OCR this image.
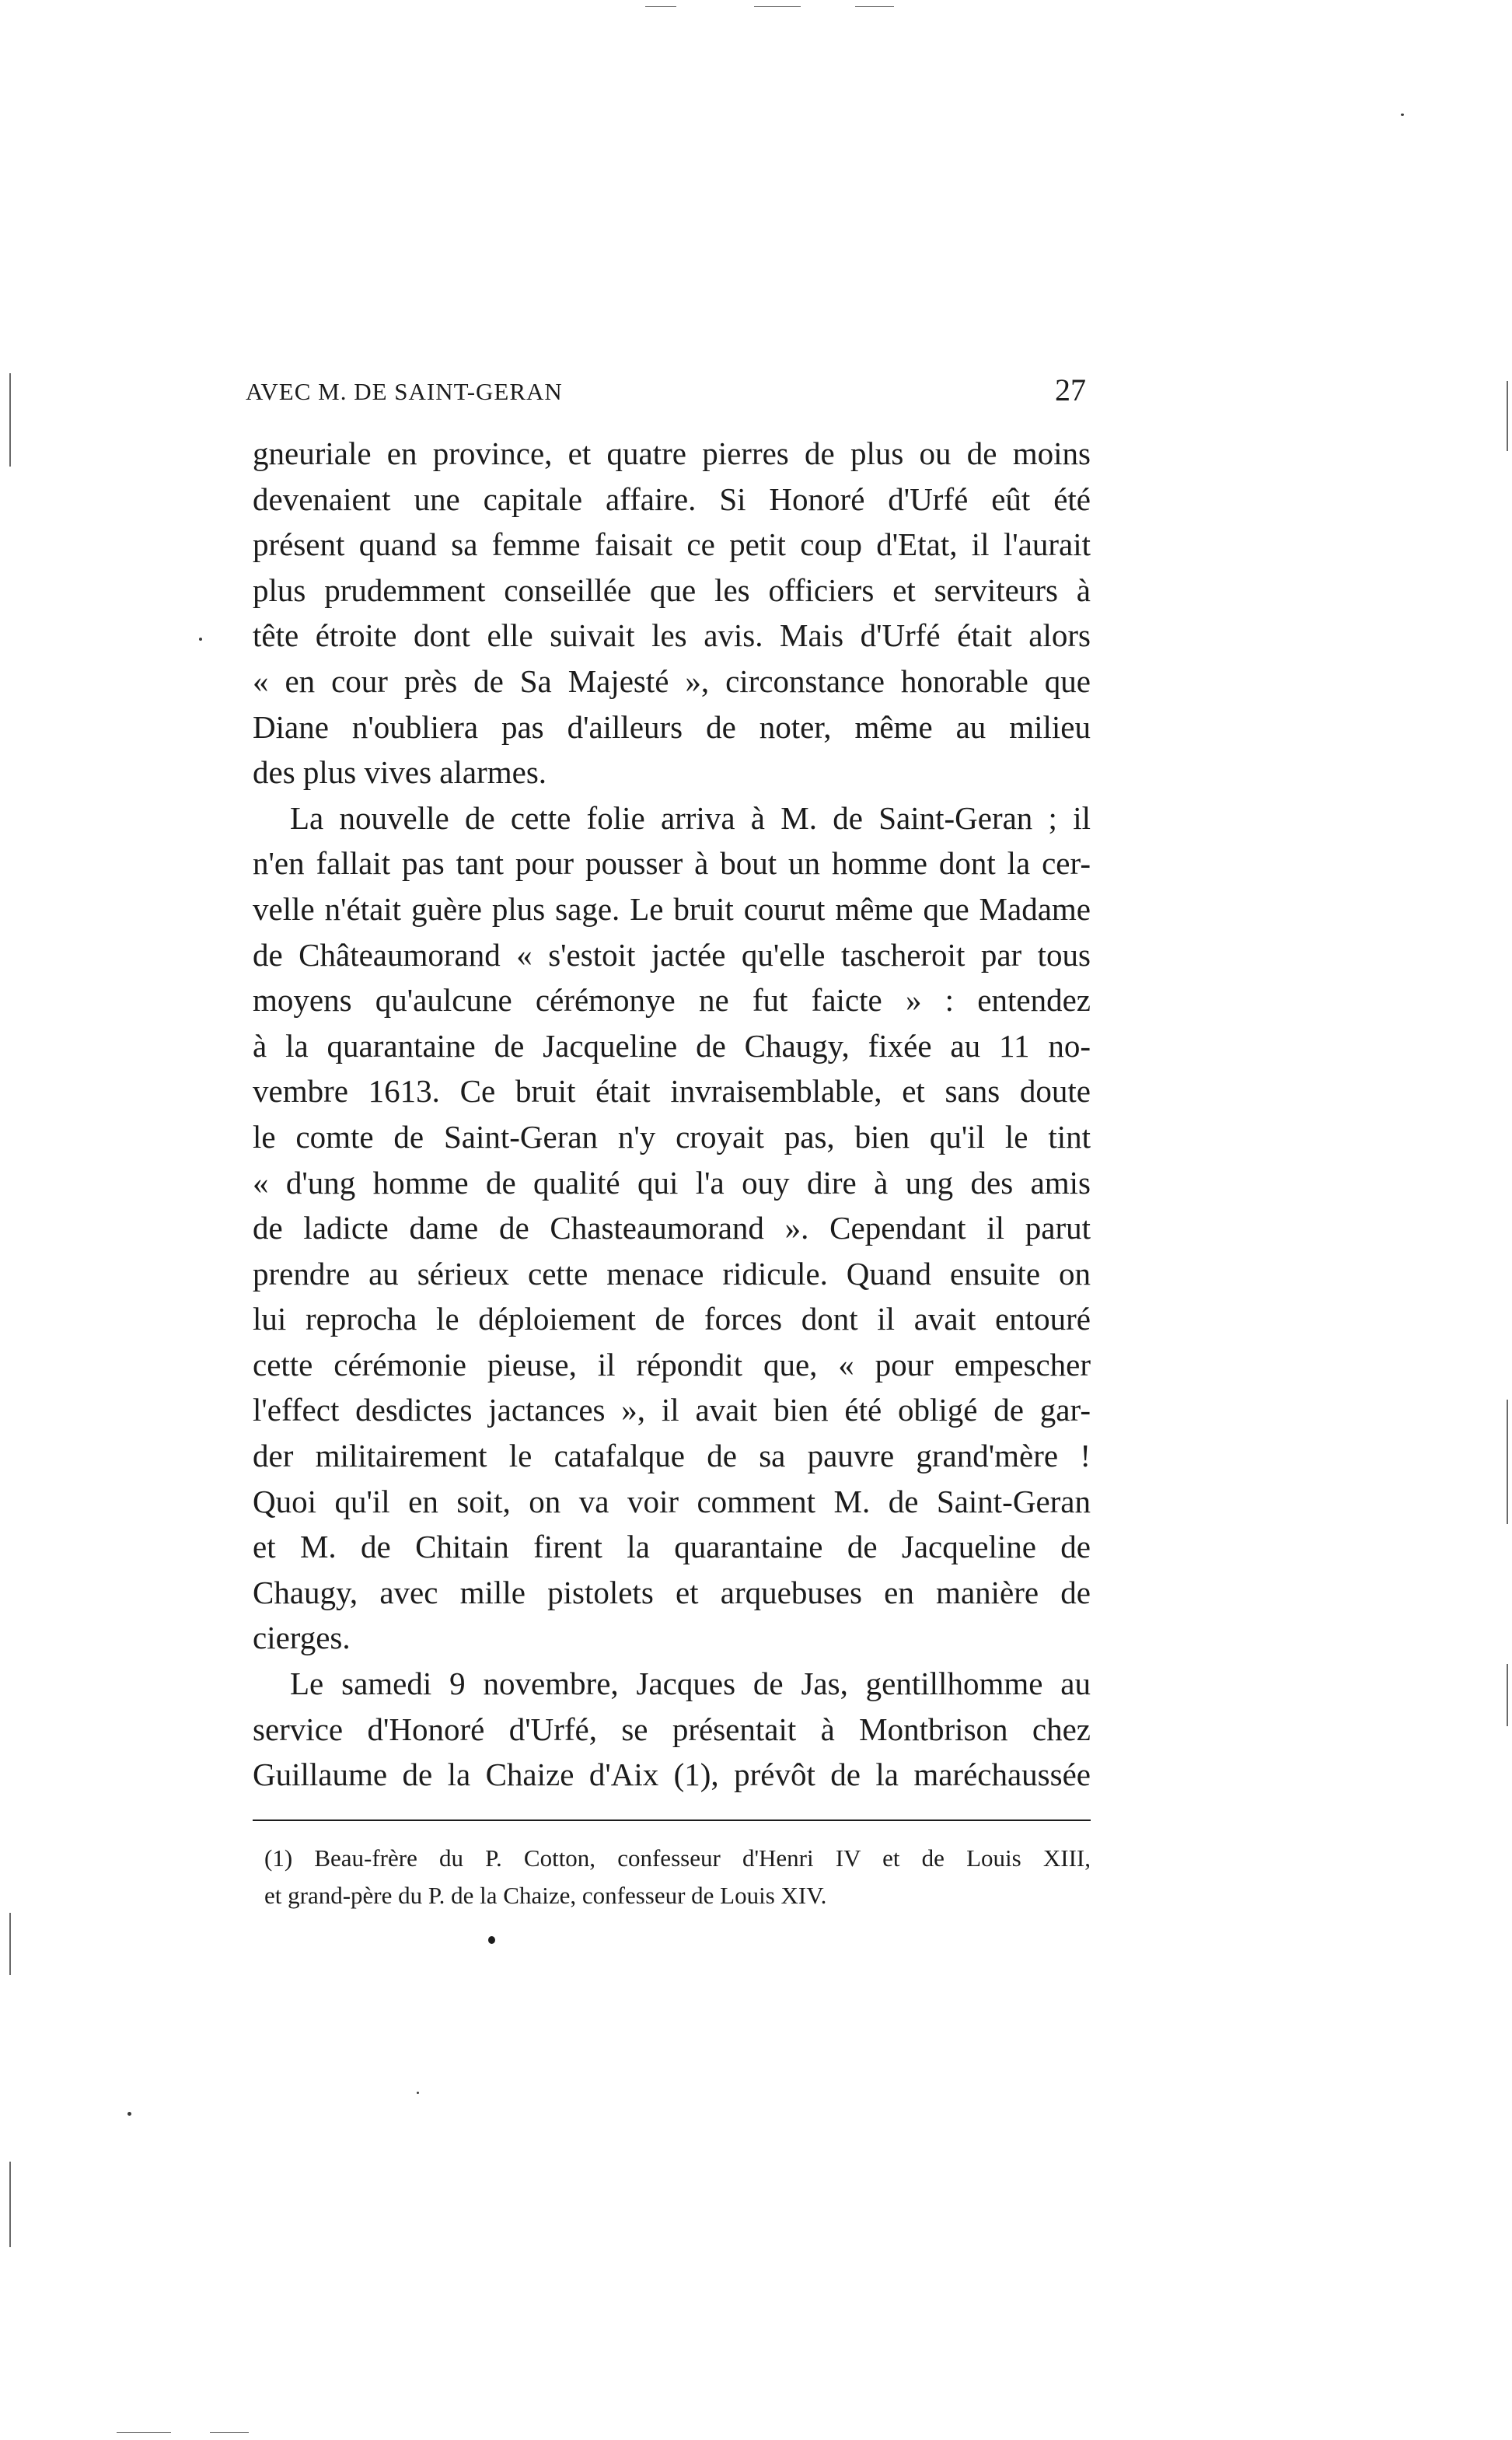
AVEC M. DE SAINT-GERAN	27
gneuriale en province, et quatre pierres de plus ou de moins
devenaient une capitale affaire. Si Honoré d'Urfé eût été
présent quand sa femme faisait ce petit coup d'Etat, il l'aurait
plus prudemment conseillée que les officiers et serviteurs à
tête étroite dont elle suivait les avis. Mais d'Urfé était alors
« en cour près de Sa Majesté », circonstance honorable que
Diane n'oubliera pas d'ailleurs de noter, même au milieu
des plus vives alarmes.
La nouvelle de cette folie arriva à M. de Saint-Geran ; il
n'en fallait pas tant pour pousser à bout un homme dont la cer-
velle n'était guère plus sage. Le bruit courut même que Madame
de Châteaumorand « s'estoit jactée qu'elle tascheroit par tous
moyens qu'aulcune cérémonye ne fut faicte » : entendez
à la quarantaine de Jacqueline de Chaugy, fixée au 11 no-
vembre 1613. Ce bruit était invraisemblable, et sans doute
le comte de Saint-Geran n'y croyait pas, bien qu'il le tint
« d'ung homme de qualité qui l'a ouy dire à ung des amis
de ladicte dame de Chasteaumorand ». Cependant il parut
prendre au sérieux cette menace ridicule. Quand ensuite on
lui reprocha le déploiement de forces dont il avait entouré
cette cérémonie pieuse, il répondit que, « pour empescher
l'effect desdictes jactances », il avait bien été obligé de gar-
der militairement le catafalque de sa pauvre grand'mère !
Quoi qu'il en soit, on va voir comment M. de Saint-Geran
et M. de Chitain firent la quarantaine de Jacqueline de
Chaugy, avec mille pistolets et arquebuses en manière de
cierges.
Le samedi 9 novembre, Jacques de Jas, gentillhomme au
service d'Honoré d'Urfé, se présentait à Montbrison chez
Guillaume de la Chaize d'Aix (1), prévôt de la maréchaussée
(1) Beau-frère du P. Cotton, confesseur d'Henri IV et de Louis XIII,
et grand-père du P. de la Chaize, confesseur de Louis XIV.
